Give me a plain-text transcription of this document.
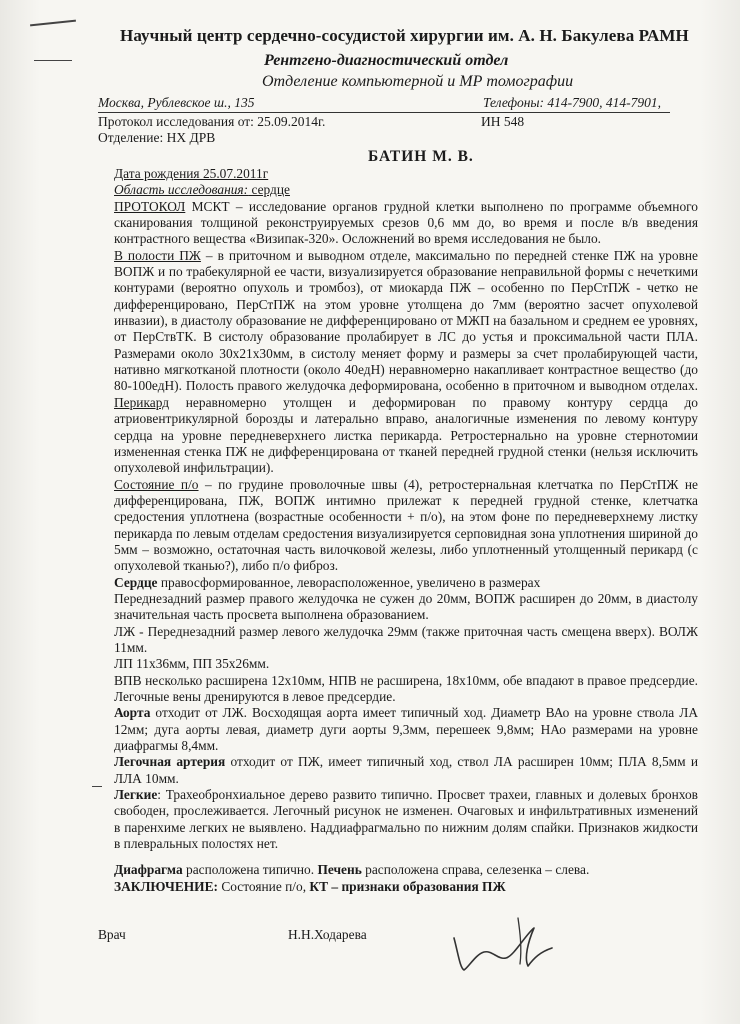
Научный центр сердечно-сосудистой хирургии им. А. Н. Бакулева РАМН
Рентгено-диагностический отдел
Отделение компьютерной и МР томографии
Москва, Рублевское ш., 135	Телефоны: 414-7900, 414-7901,
Протокол исследования от: 25.09.2014г.	ИН 548
Отделение: НХ ДРВ
БАТИН М. В.

Дата рождения 25.07.2011г

Область исследования: сердце

ПРОТОКОЛ МСКТ – исследование органов грудной клетки выполнено по программе объемного сканирования толщиной реконструируемых срезов 0,6 мм до, во время и после в/в введения контрастного вещества «Визипак-320». Осложнений во время исследования не было.

В полости ПЖ – в приточном и выводном отделе, максимально по передней стенке ПЖ на уровне ВОПЖ и по трабекулярной ее части, визуализируется образование неправильной формы с нечеткими контурами (вероятно опухоль и тромбоз), от миокарда ПЖ – особенно по ПерСтПЖ - четко не дифференцировано, ПерСтПЖ на этом уровне утолщена до 7мм (вероятно засчет опухолевой инвазии), в диастолу образование не дифференцировано от МЖП на базальном и среднем ее уровнях, от ПерСтвТК. В систолу образование пролабирует в ЛС до устья и проксимальной части ПЛА. Размерами около 30х21х30мм, в систолу меняет форму и размеры за счет пролабирующей части, нативно мягкотканой плотности (около 40едН) неравномерно накапливает контрастное вещество (до 80-100едН). Полость правого желудочка деформирована, особенно в приточном и выводном отделах. Перикард неравномерно утолщен и деформирован по правому контуру сердца до атриовентрикулярной борозды и латерально вправо, аналогичные изменения по левому контуру сердца на уровне передневерхнего листка перикарда. Ретростернально на уровне стернотомии измененная стенка ПЖ не дифференцирована от тканей передней грудной стенки (нельзя исключить опухолевой инфильтрации).

Состояние п/о – по грудине проволочные швы (4), ретростернальная клетчатка по ПерСтПЖ не дифференцирована, ПЖ, ВОПЖ интимно прилежат к передней грудной стенке, клетчатка средостения уплотнена (возрастные особенности + п/о), на этом фоне по передневерхнему листку перикарда по левым отделам средостения визуализируется серповидная зона уплотнения шириной до 5мм – возможно, остаточная часть вилочковой железы, либо уплотненный утолщенный перикард (с опухолевой тканью?), либо п/о фиброз.

Сердце правосформированное, леворасположенное, увеличено в размерах

Переднезадний размер правого желудочка не сужен до 20мм, ВОПЖ расширен до 20мм, в диастолу значительная часть просвета выполнена образованием.

ЛЖ - Переднезадний размер левого желудочка 29мм (также приточная часть смещена вверх). ВОЛЖ 11мм.

ЛП 11х36мм, ПП 35х26мм.

ВПВ несколько расширена 12х10мм, НПВ не расширена, 18х10мм, обе впадают в правое предсердие. Легочные вены дренируются в левое предсердие.

Аорта отходит от ЛЖ. Восходящая аорта имеет типичный ход. Диаметр ВАо на уровне ствола ЛА 12мм; дуга аорты левая, диаметр дуги аорты 9,3мм, перешеек 9,8мм; НАо размерами на уровне диафрагмы 8,4мм.

Легочная артерия отходит от ПЖ, имеет типичный ход, ствол ЛА расширен 10мм; ПЛА 8,5мм и ЛЛА 10мм.

Легкие: Трахеобронхиальное дерево развито типично. Просвет трахеи, главных и долевых бронхов свободен, прослеживается. Легочный рисунок не изменен. Очаговых и инфильтративных изменений в паренхиме легких не выявлено. Наддиафрагмально по нижним долям спайки. Признаков жидкости в плевральных полостях нет.

Диафрагма расположена типично. Печень расположена справа, селезенка – слева.

ЗАКЛЮЧЕНИЕ: Состояние п/о, КТ – признаки образования ПЖ

Врач	Н.Н.Ходарева
